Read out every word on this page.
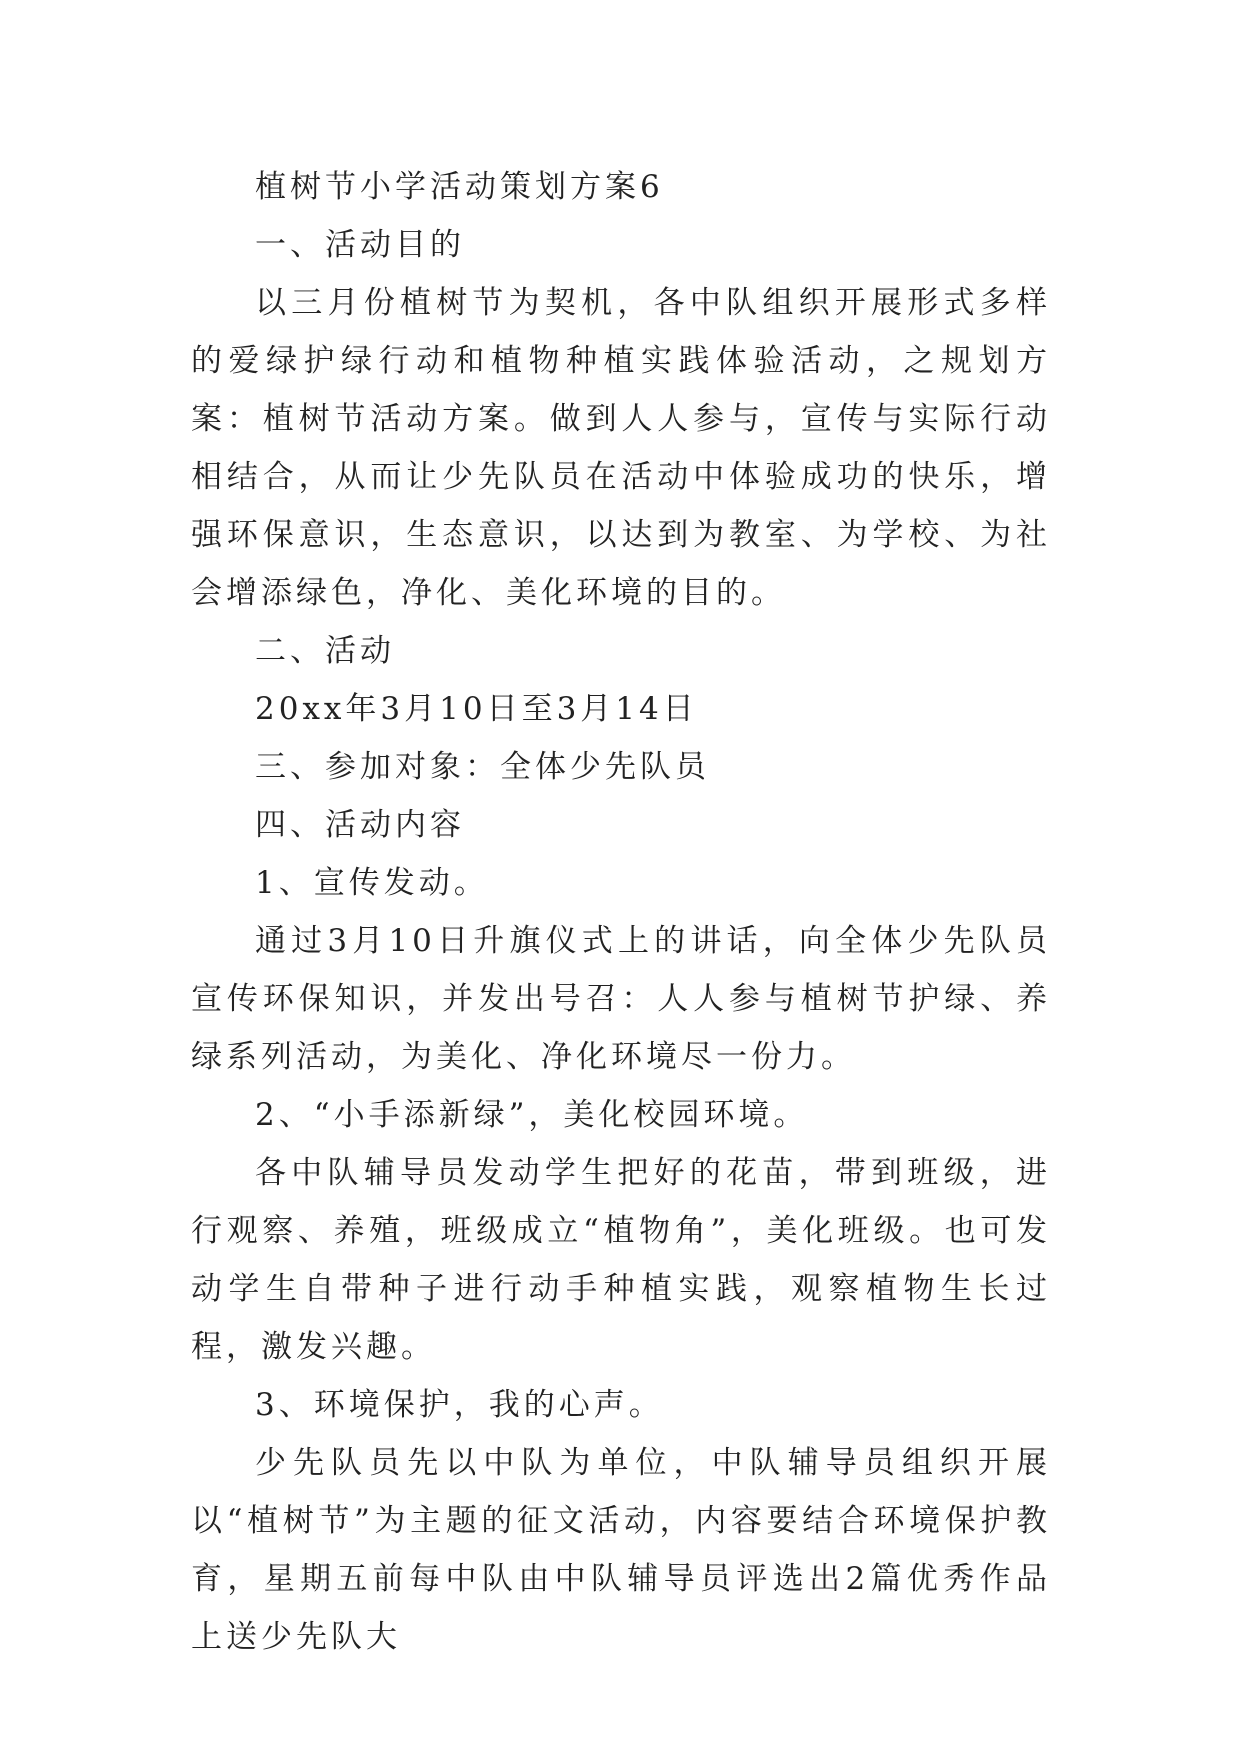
植树节小学活动策划方案6

一、活动目的

以三月份植树节为契机，各中队组织开展形式多样的爱绿护绿行动和植物种植实践体验活动，之规划方案：植树节活动方案。做到人人参与，宣传与实际行动相结合，从而让少先队员在活动中体验成功的快乐，增强环保意识，生态意识，以达到为教室、为学校、为社会增添绿色，净化、美化环境的目的。

二、活动

20xx年3月10日至3月14日

三、参加对象：全体少先队员

四、活动内容

1、宣传发动。

通过3月10日升旗仪式上的讲话，向全体少先队员宣传环保知识，并发出号召：人人参与植树节护绿、养绿系列活动，为美化、净化环境尽一份力。

2、“小手添新绿”，美化校园环境。

各中队辅导员发动学生把好的花苗，带到班级，进行观察、养殖，班级成立“植物角”，美化班级。也可发动学生自带种子进行动手种植实践，观察植物生长过程，激发兴趣。

3、环境保护，我的心声。

少先队员先以中队为单位，中队辅导员组织开展以“植树节”为主题的征文活动，内容要结合环境保护教育，星期五前每中队由中队辅导员评选出2篇优秀作品上送少先队大
